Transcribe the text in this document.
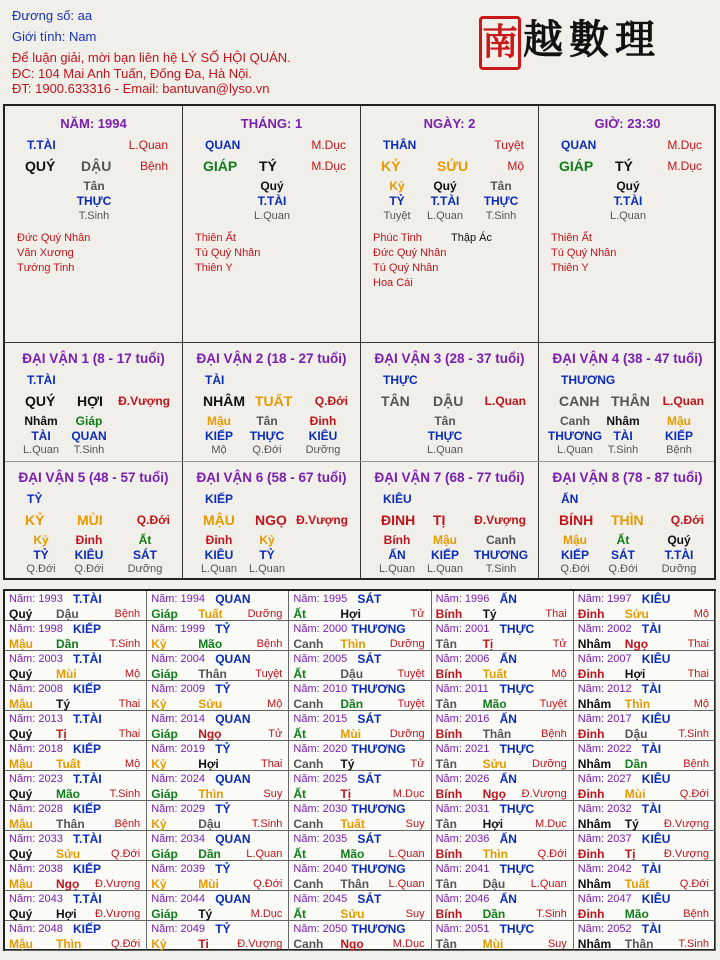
Đương số: aa
Giới tính: Nam
Để luận giải, mời bạn liên hệ LÝ SỐ HỘI QUÁN.
ĐC: 104 Mai Anh Tuấn, Đống Đa, Hà Nội.
ĐT: 1900.633316 - Email: bantuvan@lyso.vn
南 越數理
NĂM: 1994
T.TÀI	L.Quan
QUÝ DẬU Bệnh
Tân
THỰC
T.Sinh
Đức Quý Nhân
Văn Xương
Tướng Tinh
THÁNG: 1
QUAN	M.Dục
GIÁP TÝ	M.Dục
Quý
T.TÀI
L.Quan
Thiên Ất
Tú Quý Nhân
Thiên Y
NGÀY: 2
THÂN	Tuyệt
KỶ	SỬU	Mộ
Kỷ
TỶ
Tuyệt
Quý
T.TÀI
L.Quan
Tân
THỰC
T.Sinh
Phúc Tinh
Đức Quý Nhân
Tú Quý Nhân
Hoa Cái
Thập Ác
GIỜ: 23:30
QUAN	M.Dục
GIÁP TÝ	M.Dục
Quý
T.TÀI
L.Quan
Thiên Ất
Tú Quý Nhân
Thiên Y
ĐẠI VẬN 1 (8 - 17 tuổi)
T.TÀI
QUÝ HỢI Đ.Vượng
Nhâm
TÀI
L.Quan
Giáp
QUAN
T.Sinh
ĐẠI VẬN 2 (18 - 27 tuổi)
TÀI
NHÂM TUẤT Q.Đới
Mậu
KIẾP
Mộ
Tân
THỰC
Q.Đới
Đinh
KIÊU
Dưỡng
ĐẠI VẬN 3 (28 - 37 tuổi)
THỰC
TÂN DẬU L.Quan
Tân
THỰC
L.Quan
ĐẠI VẬN 4 (38 - 47 tuổi)
THƯƠNG
CANH THÂN L.Quan
Canh
THƯƠNG
L.Quan
Nhâm
TÀI
T.Sinh
Mậu
KIẾP
Bệnh
ĐẠI VẬN 5 (48 - 57 tuổi)
TỶ
KỶ MÙI	Q.Đới
Kỷ
TỶ
Q.Đới
Đinh
KIÊU
Q.Đới
Ất
SÁT
Dưỡng
ĐẠI VẬN 6 (58 - 67 tuổi)
KIẾP
MẬU NGỌ Đ.Vượng
Đinh
KIÊU
L.Quan
Kỷ
TỶ
L.Quan
ĐẠI VẬN 7 (68 - 77 tuổi)
KIÊU
ĐINH TỊ Đ.Vượng
Bính
ẤN
L.Quan
Mậu
KIẾP
L.Quan
Canh
THƯƠNG
T.Sinh
ĐẠI VẬN 8 (78 - 87 tuổi)
ẤN
BÍNH THÌN Q.Đới
Mậu
KIẾP
Q.Đới
Ất
SÁT
Q.Đới
Quý
T.TÀI
Dưỡng
Năm: 1993 T.TÀI
Quý Dậu	Bệnh
Năm: 1994 QUAN
Giáp Tuất Dưỡng
Năm: 1995 SÁT
Ất	Hợi	Tử
Năm: 1996 ẤN
Bính Tý	Thai
Năm: 1997 KIÊU
Đinh Sửu	Mộ
Năm: 1998 KIẾP
Mậu Dần	T.Sinh
Năm: 1999 TỶ
Kỷ	Mão	Bệnh
Năm: 2000 THƯƠNG
Canh Thìn Dưỡng
Năm: 2001 THỰC
Tân Tị	Tử
Năm: 2002 TÀI
Nhâm Ngọ	Thai
Năm: 2003 T.TÀI
Quý Mùi	Mộ
Năm: 2004 QUAN
Giáp Thân	Tuyệt
Năm: 2005 SÁT
Ất	Dậu	Tuyệt
Năm: 2006 ẤN
Bính Tuất	Mộ
Năm: 2007 KIÊU
Đinh Hợi	Thai
Năm: 2008 KIẾP
Mậu Tý	Thai
Năm: 2009 TỶ
Kỷ	Sửu	Mộ
Năm: 2010 THƯƠNG
Canh Dần	Tuyệt
Năm: 2011 THỰC
Tân Mão	Tuyệt
Năm: 2012 TÀI
Nhâm Thìn	Mộ
Năm: 2013 T.TÀI
Quý Tị	Thai
Năm: 2014 QUAN
Giáp Ngọ	Tử
Năm: 2015 SÁT
Ất	Mùi	Dưỡng
Năm: 2016 ẤN
Bính Thân	Bệnh
Năm: 2017 KIÊU
Đinh Dậu	T.Sinh
Năm: 2018 KIẾP
Mậu Tuất	Mộ
Năm: 2019 TỶ
Kỷ	Hợi	Thai
Năm: 2020 THƯƠNG
Canh Tý	Tử
Năm: 2021 THỰC
Tân Sửu Dưỡng
Năm: 2022 TÀI
Nhâm Dần	Bệnh
Năm: 2023 T.TÀI
Quý Mão	T.Sinh
Năm: 2024 QUAN
Giáp Thìn	Suy
Năm: 2025 SÁT
Ất	Tị	M.Dục
Năm: 2026 ẤN
Bính Ngọ Đ.Vượng
Năm: 2027 KIÊU
Đinh Mùi	Q.Đới
Năm: 2028 KIẾP
Mậu Thân	Bệnh
Năm: 2029 TỶ
Kỷ	Dậu	T.Sinh
Năm: 2030 THƯƠNG
Canh Tuất	Suy
Năm: 2031 THỰC
Tân Hợi	M.Dục
Năm: 2032 TÀI
Nhâm Tý Đ.Vượng
Năm: 2033 T.TÀI
Quý Sửu	Q.Đới
Năm: 2034 QUAN
Giáp Dần L.Quan
Năm: 2035 SÁT
Ất	Mão L.Quan
Năm: 2036 ẤN
Bính Thìn	Q.Đới
Năm: 2037 KIÊU
Đinh Tị	Đ.Vượng
Năm: 2038 KIẾP
Mậu Ngọ Đ.Vượng
Năm: 2039 TỶ
Kỷ	Mùi	Q.Đới
Năm: 2040 THƯƠNG
Canh Thân L.Quan
Năm: 2041 THỰC
Tân Dậu L.Quan
Năm: 2042 TÀI
Nhâm Tuất	Q.Đới
Năm: 2043 T.TÀI
Quý Hợi Đ.Vượng
Năm: 2044 QUAN
Giáp Tý	M.Dục
Năm: 2045 SÁT
Ất	Sửu	Suy
Năm: 2046 ẤN
Bính Dần	T.Sinh
Năm: 2047 KIÊU
Đinh Mão	Bệnh
Năm: 2048 KIẾP
Mậu Thìn	Q.Đới
Năm: 2049 TỶ
Kỷ	Tị	Đ.Vượng
Năm: 2050 THƯƠNG
Canh Ngọ	M.Dục
Năm: 2051 THỰC
Tân Mùi	Suy
Năm: 2052 TÀI
Nhâm Thân T.Sinh
